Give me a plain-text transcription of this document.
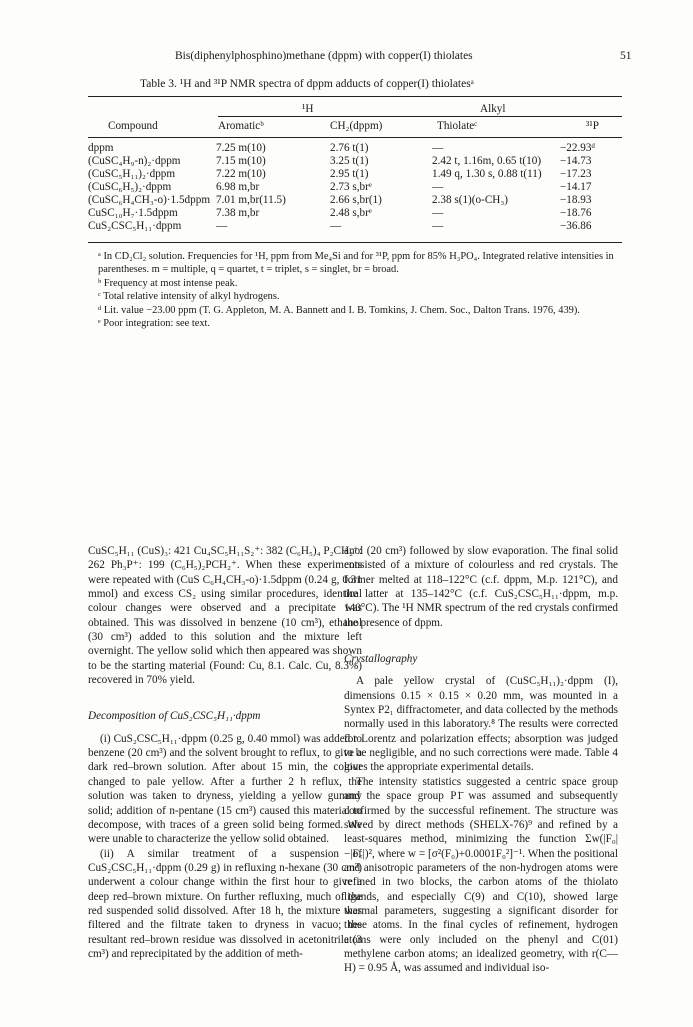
Bis(diphenylphosphino)methane (dppm) with copper(I) thiolates	51
Table 3. ¹H and ³¹P NMR spectra of dppm adducts of copper(I) thiolatesᵃ
¹H	Alkyl
Compound	Aromaticᵇ	CH₂(dppm)	Thiolateᶜ	³¹P
dppm	7.25 m(10)	2.76 t(1)	—	−22.93ᵈ
(CuSC₄H₉-n)₂·dppm	7.15 m(10)	3.25 t(1)	2.42 t, 1.16m, 0.65 t(10)	−14.73
(CuSC₅H₁₁)₂·dppm	7.22 m(10)	2.95 t(1)	1.49 q, 1.30 s, 0.88 t(11)	−17.23
(CuSC₆H₅)₂·dppm	6.98 m,br	2.73 s,brᵉ	—	−14.17
(CuSC₆H₄CH₃-o)·1.5dppm	7.01 m,br(11.5)	2.66 s,br(1)	2.38 s(1)(o-CH₃)	−18.93
CuSC₁₀H₇·1.5dppm	7.38 m,br	2.48 s,brᵉ	—	−18.76
CuS₂CSC₅H₁₁·dppm	—	—	—	−36.86

ᵃ In CD₂Cl₂ solution. Frequencies for ¹H, ppm from Me₄Si and for ³¹P, ppm for 85% H₃PO₄. Integrated relative intensities in parentheses. m = multiple, q = quartet, t = triplet, s = singlet, br = broad.

ᵇ Frequency at most intense peak.

ᶜ Total relative intensity of alkyl hydrogens.

ᵈ Lit. value −23.00 ppm (T. G. Appleton, M. A. Bannett and I. B. Tomkins, J. Chem. Soc., Dalton Trans. 1976, 439).

ᵉ Poor integration: see text.

CuSC₅H₁₁ (CuS)₃: 421 Cu₄SC₅H₁₁S₂⁺: 382 (C₆H₅)₄ P₂CH₂⁺: 262 Ph₃P⁺: 199 (C₆H₅)₂PCH₂⁺. When these experiments were repeated with (CuS C₆H₄CH₃-o)·1.5dppm (0.24 g, 0.31 mmol) and excess CS₂ using similar procedures, identical colour changes were observed and a precipitate was obtained. This was dissolved in benzene (10 cm³), ethanol (30 cm³) added to this solution and the mixture left overnight. The yellow solid which then appeared was shown to be the starting material (Found: Cu, 8.1. Calc. Cu, 8.3%) recovered in 70% yield.

Decomposition of CuS₂CSC₅H₁₁·dppm

(i) CuS₂CSC₅H₁₁·dppm (0.25 g, 0.40 mmol) was added to benzene (20 cm³) and the solvent brought to reflux, to give a dark red–brown solution. After about 15 min, the colour changed to pale yellow. After a further 2 h reflux, the solution was taken to dryness, yielding a yellow gummy solid; addition of n-pentane (15 cm³) caused this material to decompose, with traces of a green solid being formed. We were unable to characterize the yellow solid obtained.

(ii) A similar treatment of a suspension of CuS₂CSC₅H₁₁·dppm (0.29 g) in refluxing n-hexane (30 cm³) underwent a colour change within the first hour to give a deep red–brown mixture. On further refluxing, much of the red suspended solid dissolved. After 18 h, the mixture was filtered and the filtrate taken to dryness in vacuo; the resultant red–brown residue was dissolved in acetonitrile (3 cm³) and reprecipitated by the addition of meth-

anol (20 cm³) followed by slow evaporation. The final solid consisted of a mixture of colourless and red crystals. The former melted at 118–122°C (c.f. dppm, M.p. 121°C), and the latter at 135–142°C (c.f. CuS₂CSC₅H₁₁·dppm, m.p. 140°C). The ¹H NMR spectrum of the red crystals confirmed the presence of dppm.

Crystallography

A pale yellow crystal of (CuSC₅H₁₁)₂·dppm (I), dimensions 0.15 × 0.15 × 0.20 mm, was mounted in a Syntex P2₁ diffractometer, and data collected by the methods normally used in this laboratory.⁸ The results were corrected for Lorentz and polarization effects; absorption was judged to be negligible, and no such corrections were made. Table 4 gives the appropriate experimental details.

The intensity statistics suggested a centric space group and the space group P1̄ was assumed and subsequently confirmed by the successful refinement. The structure was solved by direct methods (SHELX-76)⁹ and refined by a least-squares method, minimizing the function Σw(|F₀|−|F꜀|)², where w = [σ²(F₀)+0.0001F₀²]⁻¹. When the positional and anisotropic parameters of the non-hydrogen atoms were refined in two blocks, the carbon atoms of the thiolato ligands, and especially C(9) and C(10), showed large thermal parameters, suggesting a significant disorder for these atoms. In the final cycles of refinement, hydrogen atoms were only included on the phenyl and C(01) methylene carbon atoms; an idealized geometry, with r(C—H) = 0.95 Å, was assumed and individual iso-
